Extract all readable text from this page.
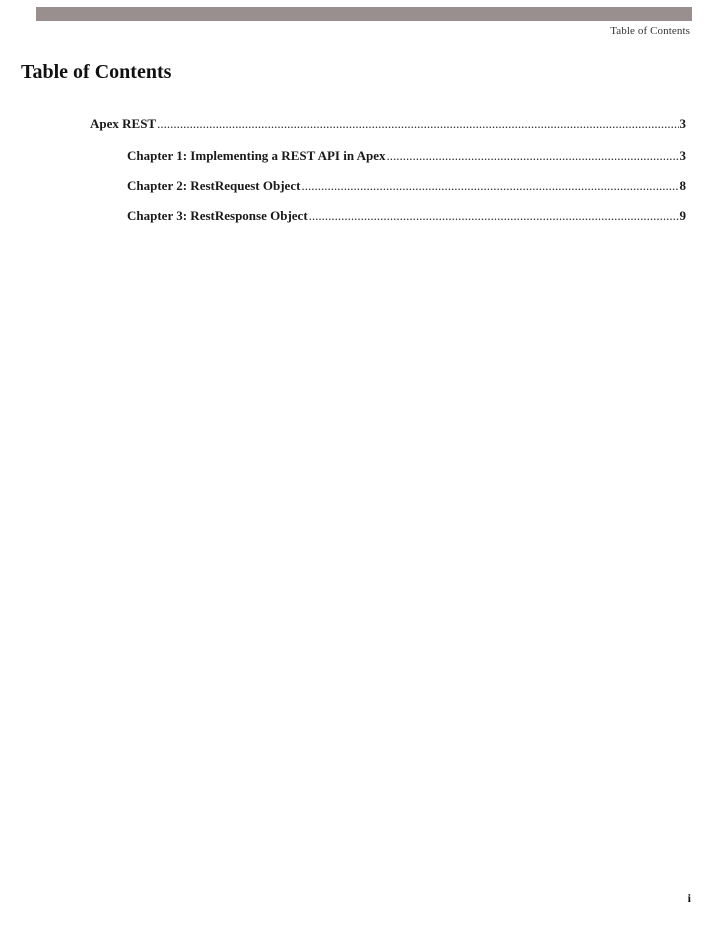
Table of Contents
Table of Contents
Apex REST .....	3
Chapter 1: Implementing a REST API in Apex .....	3
Chapter 2: RestRequest Object .....	8
Chapter 3: RestResponse Object .....	9
i
